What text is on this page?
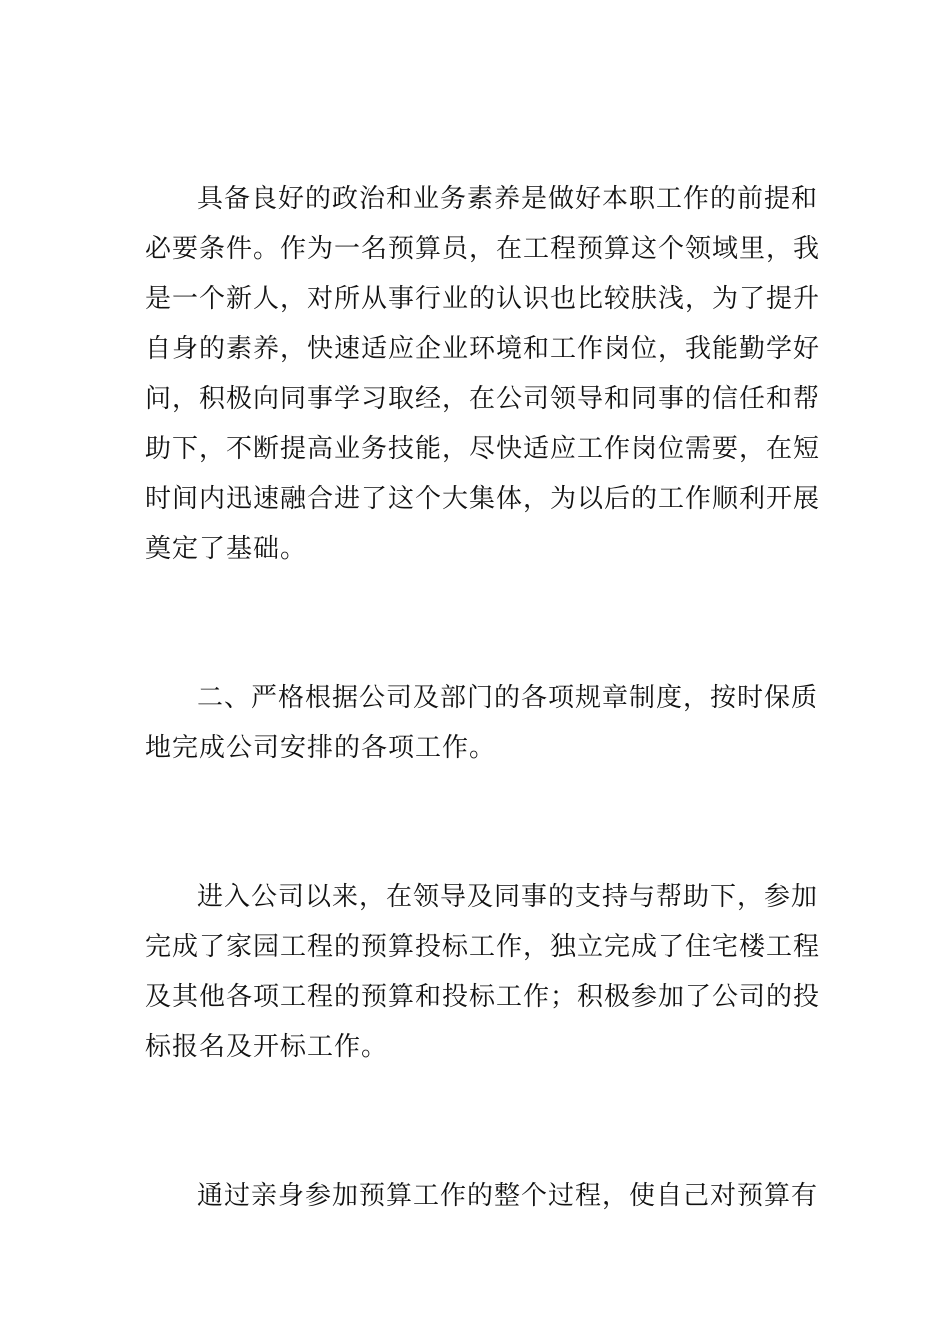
具备良好的政治和业务素养是做好本职工作的前提和
必要条件。作为一名预算员，在工程预算这个领域里，我
是一个新人，对所从事行业的认识也比较肤浅，为了提升
自身的素养，快速适应企业环境和工作岗位，我能勤学好
问，积极向同事学习取经，在公司领导和同事的信任和帮
助下，不断提高业务技能，尽快适应工作岗位需要，在短
时间内迅速融合进了这个大集体，为以后的工作顺利开展
奠定了基础。

二、严格根据公司及部门的各项规章制度，按时保质
地完成公司安排的各项工作。

进入公司以来，在领导及同事的支持与帮助下，参加
完成了家园工程的预算投标工作，独立完成了住宅楼工程
及其他各项工程的预算和投标工作；积极参加了公司的投
标报名及开标工作。

通过亲身参加预算工作的整个过程，使自己对预算有
